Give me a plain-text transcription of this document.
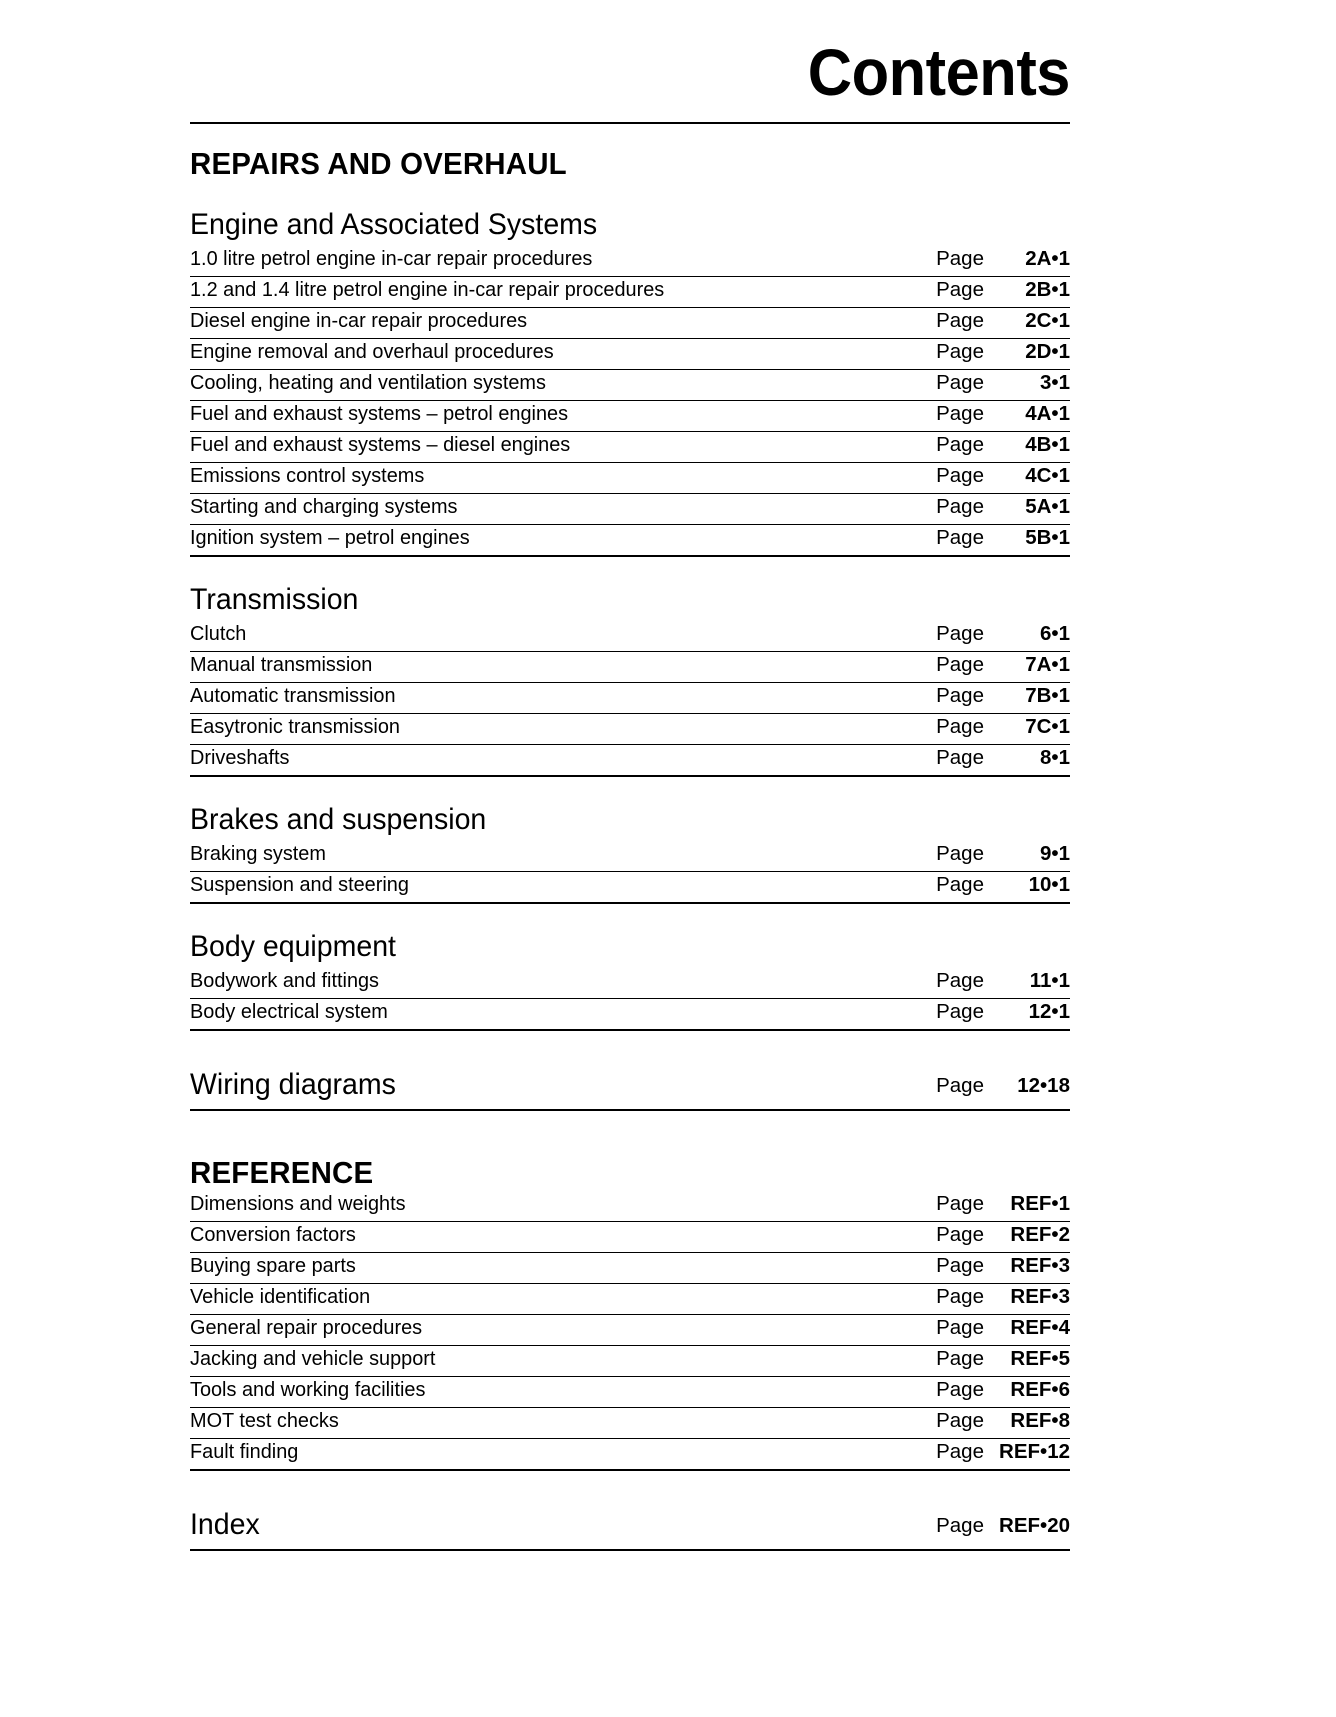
Contents
REPAIRS AND OVERHAUL
Engine and Associated Systems
1.0 litre petrol engine in-car repair procedures	Page	2A•1
1.2 and 1.4 litre petrol engine in-car repair procedures	Page	2B•1
Diesel engine in-car repair procedures	Page	2C•1
Engine removal and overhaul procedures	Page	2D•1
Cooling, heating and ventilation systems	Page	3•1
Fuel and exhaust systems – petrol engines	Page	4A•1
Fuel and exhaust systems – diesel engines	Page	4B•1
Emissions control systems	Page	4C•1
Starting and charging systems	Page	5A•1
Ignition system – petrol engines	Page	5B•1
Transmission
Clutch	Page	6•1
Manual transmission	Page	7A•1
Automatic transmission	Page	7B•1
Easytronic transmission	Page	7C•1
Driveshafts	Page	8•1
Brakes and suspension
Braking system	Page	9•1
Suspension and steering	Page	10•1
Body equipment
Bodywork and fittings	Page	11•1
Body electrical system	Page	12•1
Wiring diagrams	Page	12•18
REFERENCE
Dimensions and weights	Page	REF•1
Conversion factors	Page	REF•2
Buying spare parts	Page	REF•3
Vehicle identification	Page	REF•3
General repair procedures	Page	REF•4
Jacking and vehicle support	Page	REF•5
Tools and working facilities	Page	REF•6
MOT test checks	Page	REF•8
Fault finding	Page REF•12
Index	Page REF•20
